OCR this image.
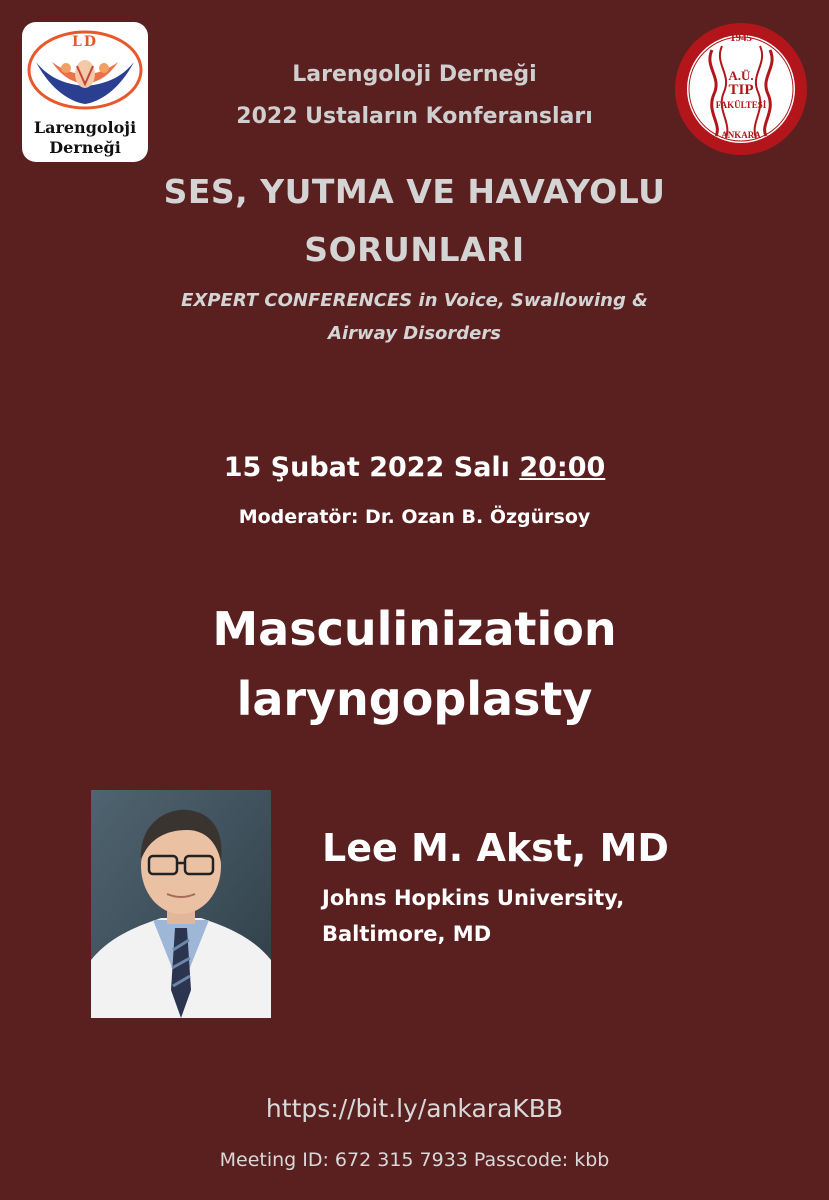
LD
Larengoloji
Derneği
1945
A.Ü.
TIP
FAKÜLTESİ
ANKARA
Larengoloji Derneği
2022 Ustaların Konferansları
SES, YUTMA VE HAVAYOLU
SORUNLARI
EXPERT CONFERENCES in Voice, Swallowing &
Airway Disorders
15 Şubat 2022 Salı 20:00
Moderatör: Dr. Ozan B. Özgürsoy
Masculinization
laryngoplasty
Lee M. Akst, MD
Johns Hopkins University,
Baltimore, MD
https://bit.ly/ankaraKBB
Meeting ID: 672 315 7933 Passcode: kbb
